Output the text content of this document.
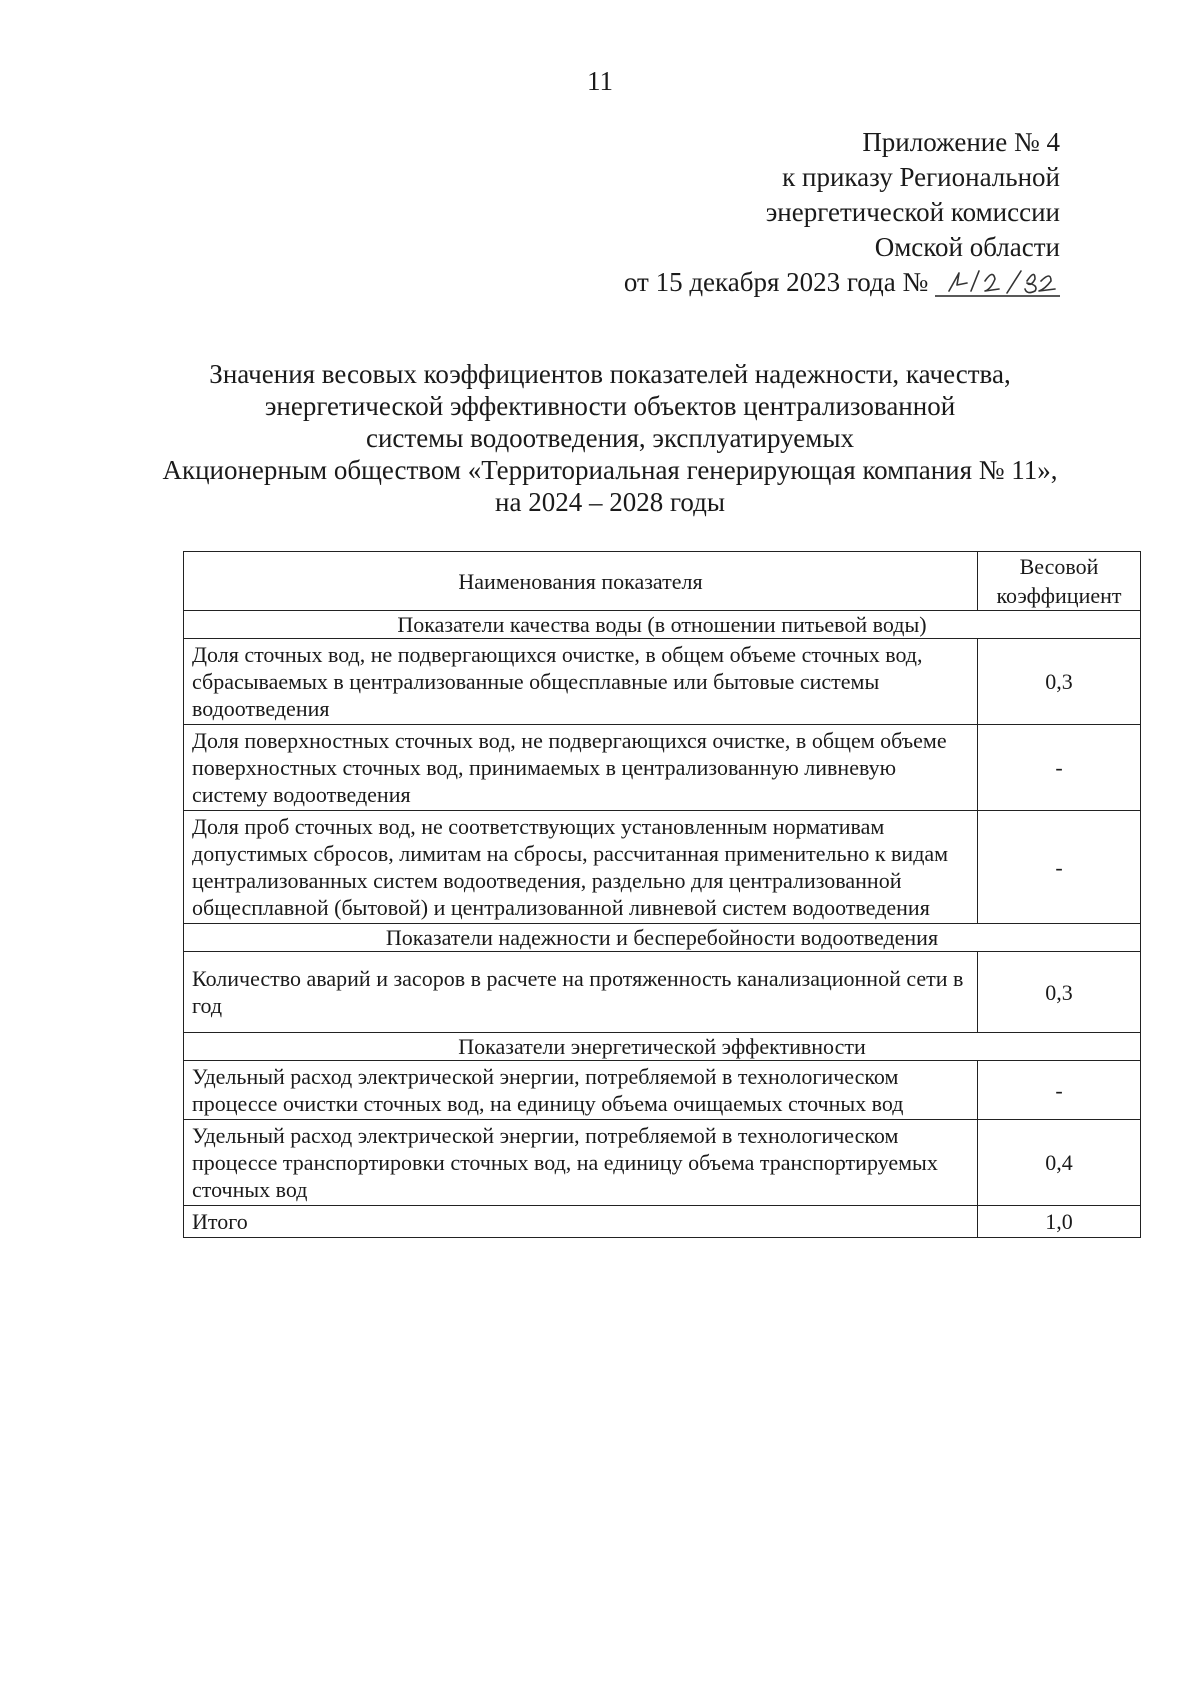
11
Приложение № 4
к приказу Региональной
энергетической комиссии
Омской области
от 15 декабря 2023 года №
Значения весовых коэффициентов показателей надежности, качества,
энергетической эффективности объектов централизованной
системы водоотведения, эксплуатируемых
Акционерным обществом «Территориальная генерирующая компания № 11»,
на 2024 – 2028 годы
Наименования показателя	Весовой
коэффициент
Показатели качества воды (в отношении питьевой воды)	
Доля сточных вод, не подвергающихся очистке, в общем объеме сточных вод, сбрасываемых в централизованные общесплавные или бытовые системы водоотведения	0,3
Доля поверхностных сточных вод, не подвергающихся очистке, в общем объеме поверхностных сточных вод, принимаемых в централизованную ливневую систему водоотведения	-
Доля проб сточных вод, не соответствующих установленным нормативам допустимых сбросов, лимитам на сбросы, рассчитанная применительно к видам централизованных систем водоотведения, раздельно для централизованной общесплавной (бытовой) и централизованной ливневой систем водоотведения	-
Показатели надежности и бесперебойности водоотведения	
Количество аварий и засоров в расчете на протяженность канализационной сети в год	0,3
Показатели энергетической эффективности	
Удельный расход электрической энергии, потребляемой в технологическом процессе очистки сточных вод, на единицу объема очищаемых сточных вод	-
Удельный расход электрической энергии, потребляемой в технологическом процессе транспортировки сточных вод, на единицу объема транспортируемых сточных вод	0,4
Итого	1,0
